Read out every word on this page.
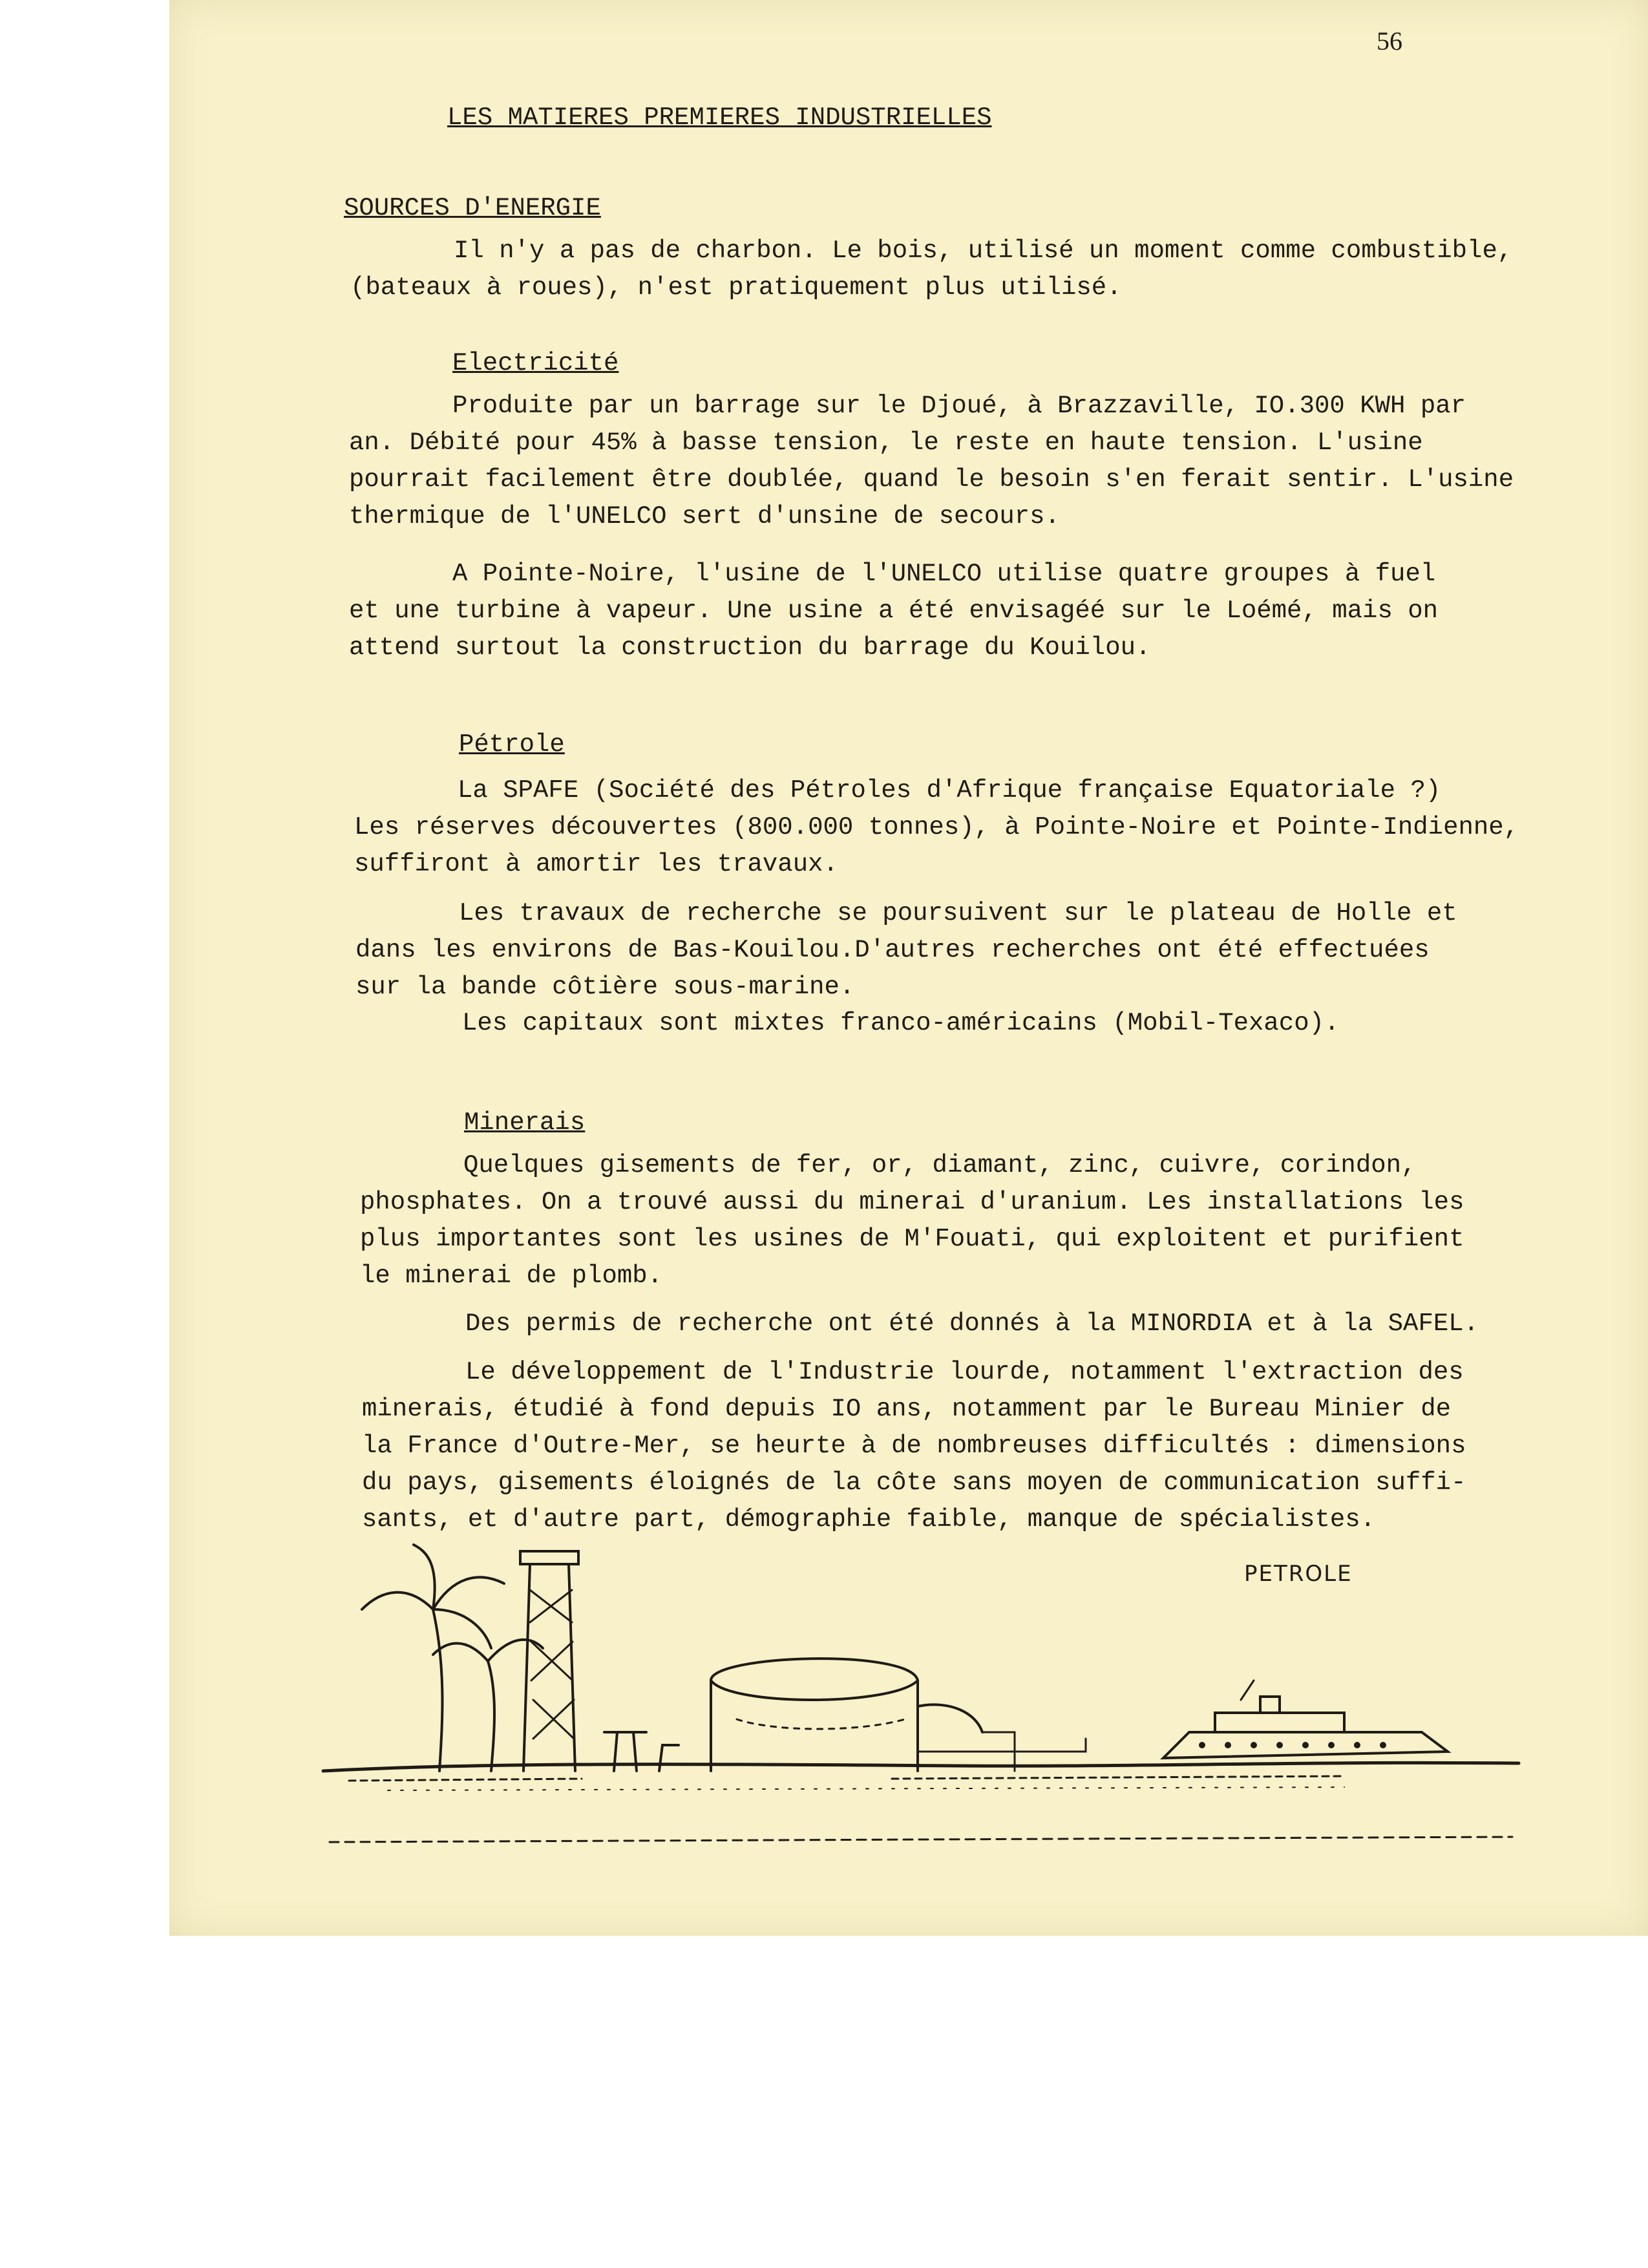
56
LES MATIERES PREMIERES INDUSTRIELLES
SOURCES D'ENERGIE
Il n'y a pas de charbon. Le bois, utilisé un moment comme combustible,
(bateaux à roues), n'est pratiquement plus utilisé.
Electricité
Produite par un barrage sur le Djoué, à Brazzaville, IO.300 KWH par
an. Débité pour 45% à basse tension, le reste en haute tension. L'usine
pourrait facilement être doublée, quand le besoin s'en ferait sentir. L'usine
thermique de l'UNELCO sert d'unsine de secours.
A Pointe-Noire, l'usine de l'UNELCO utilise quatre groupes à fuel
et une turbine à vapeur. Une usine a été envisagéé sur le Loémé, mais on
attend surtout la construction du barrage du Kouilou.
Pétrole
La SPAFE (Société des Pétroles d'Afrique française Equatoriale ?)
Les réserves découvertes (800.000 tonnes), à Pointe-Noire et Pointe-Indienne,
suffiront à amortir les travaux.
Les travaux de recherche se poursuivent sur le plateau de Holle et
dans les environs de Bas-Kouilou.D'autres recherches ont été effectuées
sur la bande côtière sous-marine.
Les capitaux sont mixtes franco-américains (Mobil-Texaco).
Minerais
Quelques gisements de fer, or, diamant, zinc, cuivre, corindon,
phosphates. On a trouvé aussi du minerai d'uranium. Les installations les
plus importantes sont les usines de M'Fouati, qui exploitent et purifient
le minerai de plomb.
Des permis de recherche ont été donnés à la MINORDIA et à la SAFEL.
Le développement de l'Industrie lourde, notamment l'extraction des
minerais, étudié à fond depuis IO ans, notamment par le Bureau Minier de
la France d'Outre-Mer, se heurte à de nombreuses difficultés : dimensions
du pays, gisements éloignés de la côte sans moyen de communication suffi-
sants, et d'autre part, démographie faible, manque de spécialistes.
PETROLE
